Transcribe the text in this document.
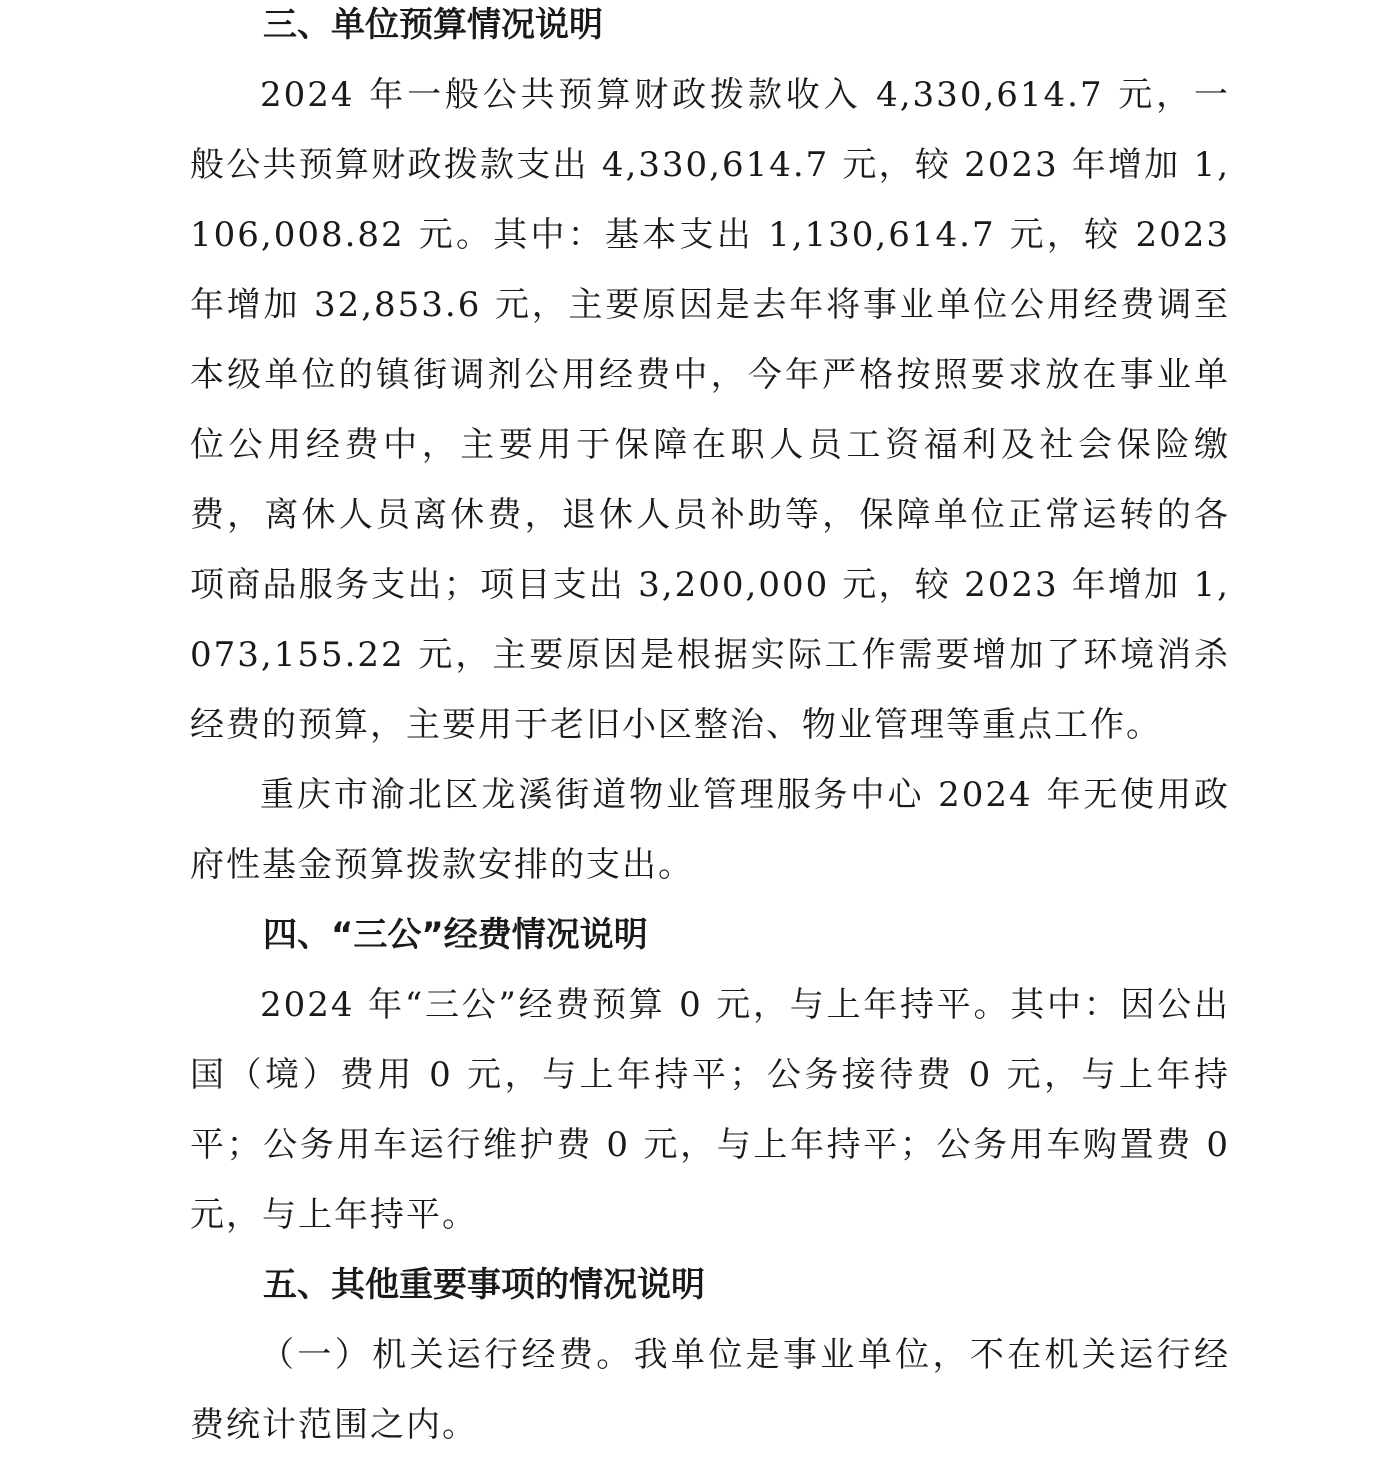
三、单位预算情况说明

2024 年一般公共预算财政拨款收入 4,330,614.7 元，一般公共预算财政拨款支出 4,330,614.7 元，较 2023 年增加 1,106,008.82 元。其中：基本支出 1,130,614.7 元，较 2023 年增加 32,853.6 元，主要原因是去年将事业单位公用经费调至本级单位的镇街调剂公用经费中，今年严格按照要求放在事业单位公用经费中，主要用于保障在职人员工资福利及社会保险缴费，离休人员离休费，退休人员补助等，保障单位正常运转的各项商品服务支出；项目支出 3,200,000 元，较 2023 年增加 1,073,155.22 元，主要原因是根据实际工作需要增加了环境消杀经费的预算，主要用于老旧小区整治、物业管理等重点工作。

重庆市渝北区龙溪街道物业管理服务中心 2024 年无使用政府性基金预算拨款安排的支出。

四、“三公”经费情况说明

2024 年“三公”经费预算 0 元，与上年持平。其中：因公出国（境）费用 0 元，与上年持平；公务接待费 0 元，与上年持平；公务用车运行维护费 0 元，与上年持平；公务用车购置费 0 元，与上年持平。

五、其他重要事项的情况说明

（一）机关运行经费。我单位是事业单位，不在机关运行经费统计范围之内。
